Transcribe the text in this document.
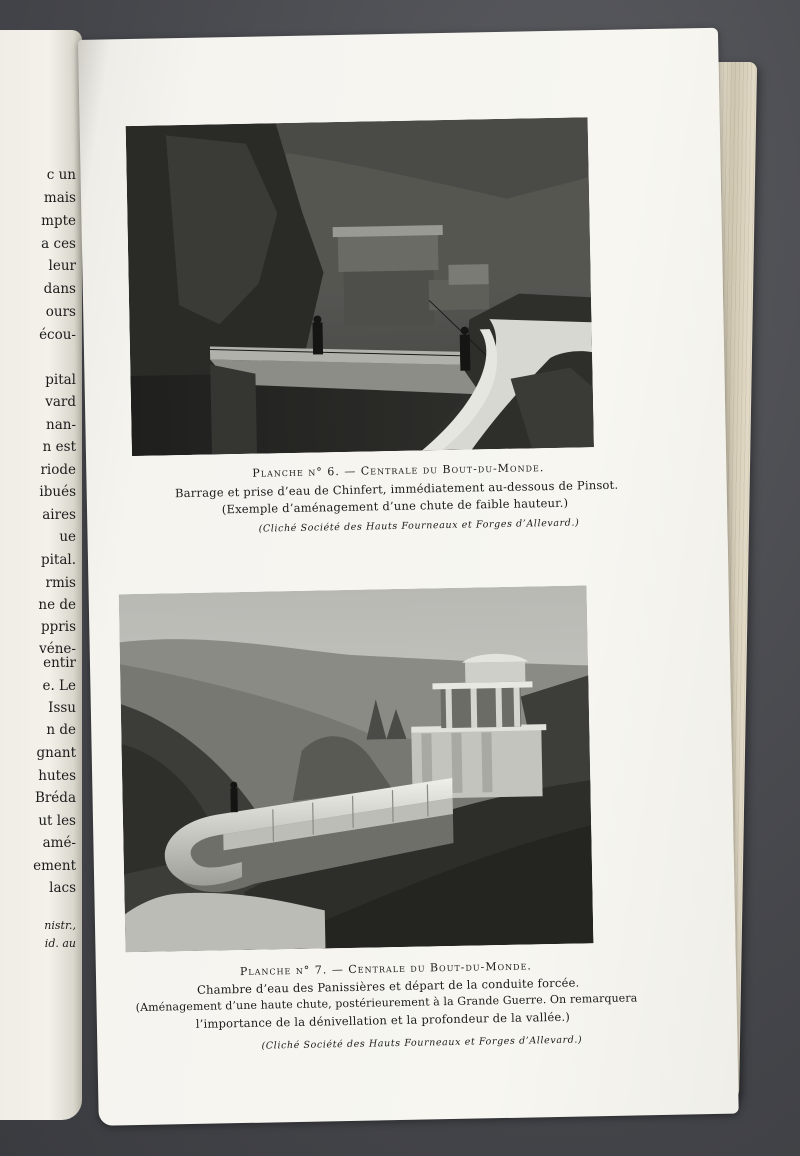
c un
mais
mpte
a ces
leur
dans
ours
écou-
pital
vard
nan-
n est
riode
ibués
aires
ue
pital.
rmis
ne de
ppris
véne-
entir
e. Le
Issu
n de
gnant
hutes
Bréda
ut les
amé-
ement
lacs
nistr.,
id. au
Planche n° 6. — Centrale du Bout-du-Monde.
Barrage et prise d’eau de Chinfert, immédiatement au-dessous de Pinsot.
(Exemple d’aménagement d’une chute de faible hauteur.)
(Cliché Société des Hauts Fourneaux et Forges d’Allevard.)
Planche n° 7. — Centrale du Bout-du-Monde.
Chambre d’eau des Panissières et départ de la conduite forcée.
(Aménagement d’une haute chute, postérieurement à la Grande Guerre. On remarquera
l’importance de la dénivellation et la profondeur de la vallée.)
(Cliché Société des Hauts Fourneaux et Forges d’Allevard.)
